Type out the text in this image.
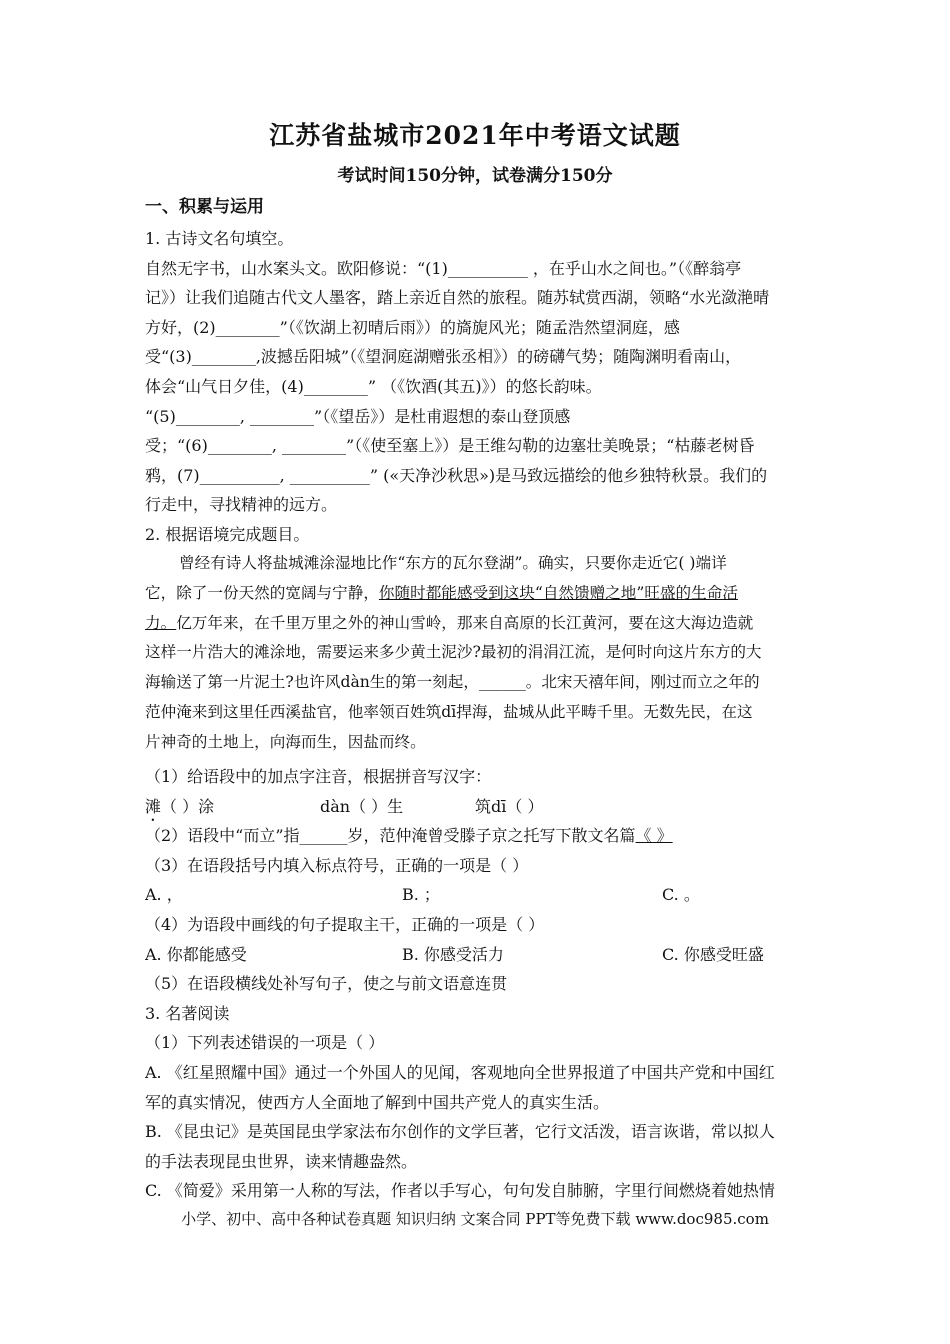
江苏省盐城市2021年中考语文试题
考试时间150分钟，试卷满分150分
一、积累与运用
1. 古诗文名句填空。
自然无字书，山水案头文。欧阳修说：“(1)__________ ，在乎山水之间也。”（《醉翁亭
记》）让我们追随古代文人墨客，踏上亲近自然的旅程。随苏轼赏西湖，领略“水光潋滟晴
方好，(2)________”（《饮湖上初晴后雨》）的旖旎风光；随孟浩然望洞庭，感
受“(3)________,波撼岳阳城”（《望洞庭湖赠张丞相》）的磅礴气势；随陶渊明看南山，
体会“山气日夕佳，(4)________” （《饮酒(其五)》）的悠长韵味。
“(5)________, ________”（《望岳》）是杜甫遐想的泰山登顶感
受；“(6)________, ________”（《使至塞上》）是王维勾勒的边塞壮美晚景；“枯藤老树昏
鸦，(7)__________, __________” («天净沙秋思»)是马致远描绘的他乡独特秋景。我们的
行走中，寻找精神的远方。
2. 根据语境完成题目。
曾经有诗人将盐城滩涂湿地比作“东方的瓦尔登湖”。确实，只要你走近它( )端详
它，除了一份天然的宽阔与宁静，你随时都能感受到这块“自然馈赠之地”旺盛的生命活
力。亿万年来，在千里万里之外的神山雪岭，那来自高原的长江黄河，要在这大海边造就
这样一片浩大的滩涂地，需要运来多少黄土泥沙?最初的涓涓江流，是何时向这片东方的大
海输送了第一片泥土?也许风dàn生的第一刻起，______。北宋天禧年间，刚过而立之年的
范仲淹来到这里任西溪盐官，他率领百姓筑dī捍海，盐城从此平畴千里。无数先民，在这
片神奇的土地上，向海而生，因盐而终。
（1）给语段中的加点字注音，根据拼音写汉字：
滩（ ）涂	dàn（ ）生	筑dī（ ）
（2）语段中“而立”指______岁，范仲淹曾受滕子京之托写下散文名篇《 》
（3）在语段括号内填入标点符号，正确的一项是（ ）
A. ，	B. ；	C. 。
（4）为语段中画线的句子提取主干，正确的一项是（ ）
A. 你都能感受	B. 你感受活力	C. 你感受旺盛
（5）在语段横线处补写句子，使之与前文语意连贯
3. 名著阅读
（1）下列表述错误的一项是（ ）
A. 《红星照耀中国》通过一个外国人的见闻，客观地向全世界报道了中国共产党和中国红
军的真实情况，使西方人全面地了解到中国共产党人的真实生活。
B. 《昆虫记》是英国昆虫学家法布尔创作的文学巨著，它行文活泼，语言诙谐，常以拟人
的手法表现昆虫世界，读来情趣盎然。
C. 《简爱》采用第一人称的写法，作者以手写心，句句发自肺腑，字里行间燃烧着她热情
小学、初中、高中各种试卷真题 知识归纳 文案合同 PPT等免费下载 www.doc985.com
